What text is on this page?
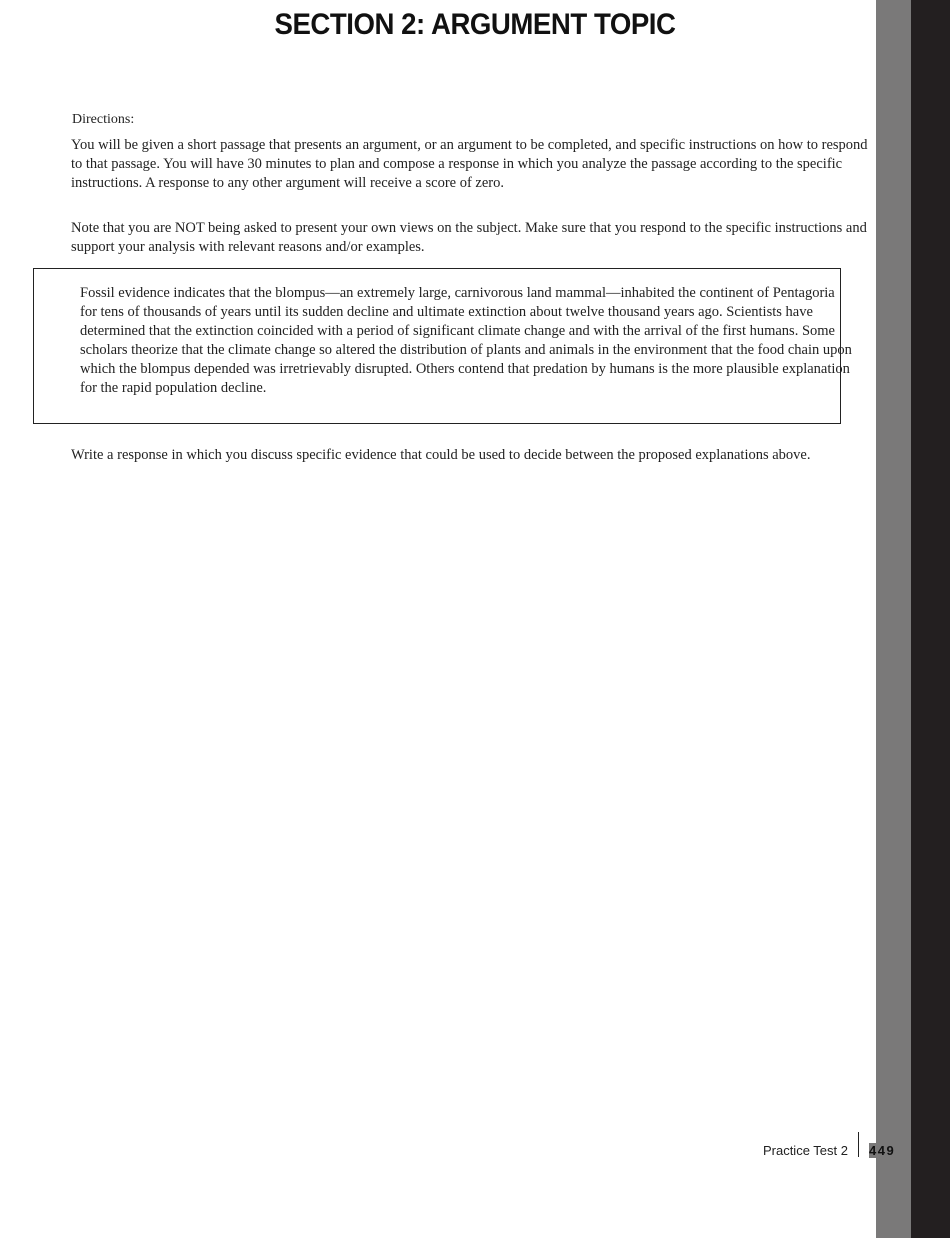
SECTION 2: ARGUMENT TOPIC
Directions:

You will be given a short passage that presents an argument, or an argument to be completed, and specific instructions on how to respond to that passage. You will have 30 minutes to plan and compose a response in which you analyze the passage according to the specific instructions. A response to any other argument will receive a score of zero.

Note that you are NOT being asked to present your own views on the subject. Make sure that you respond to the specific instructions and support your analysis with relevant reasons and/or examples.

Fossil evidence indicates that the blompus—an extremely large, carnivorous land mammal—inhabited the continent of Pentagoria for tens of thousands of years until its sudden decline and ultimate extinction about twelve thousand years ago. Scientists have determined that the extinction coincided with a period of significant climate change and with the arrival of the first humans. Some scholars theorize that the climate change so altered the distribution of plants and animals in the environment that the food chain upon which the blompus depended was irretrievably disrupted. Others contend that predation by humans is the more plausible explanation for the rapid population decline.

Write a response in which you discuss specific evidence that could be used to decide between the proposed explanations above.

Practice Test 2 449
